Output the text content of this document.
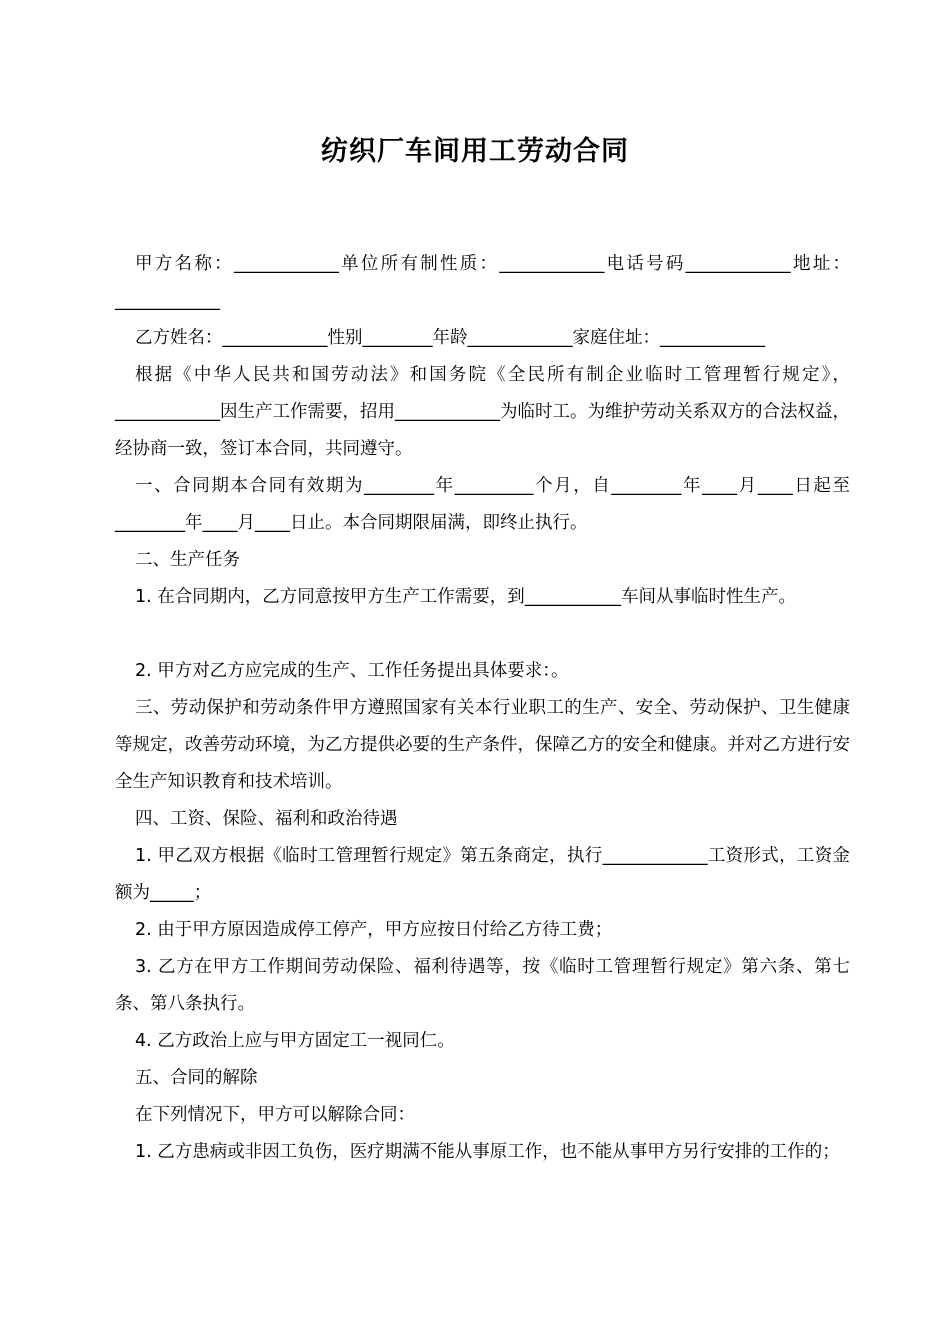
纺织厂车间用工劳动合同

甲方名称：____________单位所有制性质：____________电话号码____________地址：____________

乙方姓名：____________性别________年龄____________家庭住址：____________

根据《中华人民共和国劳动法》和国务院《全民所有制企业临时工管理暂行规定》，____________因生产工作需要，招用____________为临时工。为维护劳动关系双方的合法权益，经协商一致，签订本合同，共同遵守。

一、合同期本合同有效期为________年_________个月，自________年____月____日起至________年____月____日止。本合同期限届满，即终止执行。

二、生产任务

1. 在合同期内，乙方同意按甲方生产工作需要，到___________车间从事临时性生产。

2. 甲方对乙方应完成的生产、工作任务提出具体要求：。

三、劳动保护和劳动条件甲方遵照国家有关本行业职工的生产、安全、劳动保护、卫生健康等规定，改善劳动环境，为乙方提供必要的生产条件，保障乙方的安全和健康。并对乙方进行安全生产知识教育和技术培训。

四、工资、保险、福利和政治待遇

1. 甲乙双方根据《临时工管理暂行规定》第五条商定，执行____________工资形式，工资金额为_____；

2. 由于甲方原因造成停工停产，甲方应按日付给乙方待工费；

3. 乙方在甲方工作期间劳动保险、福利待遇等，按《临时工管理暂行规定》第六条、第七条、第八条执行。

4. 乙方政治上应与甲方固定工一视同仁。

五、合同的解除

在下列情况下，甲方可以解除合同：

1. 乙方患病或非因工负伤，医疗期满不能从事原工作，也不能从事甲方另行安排的工作的；
